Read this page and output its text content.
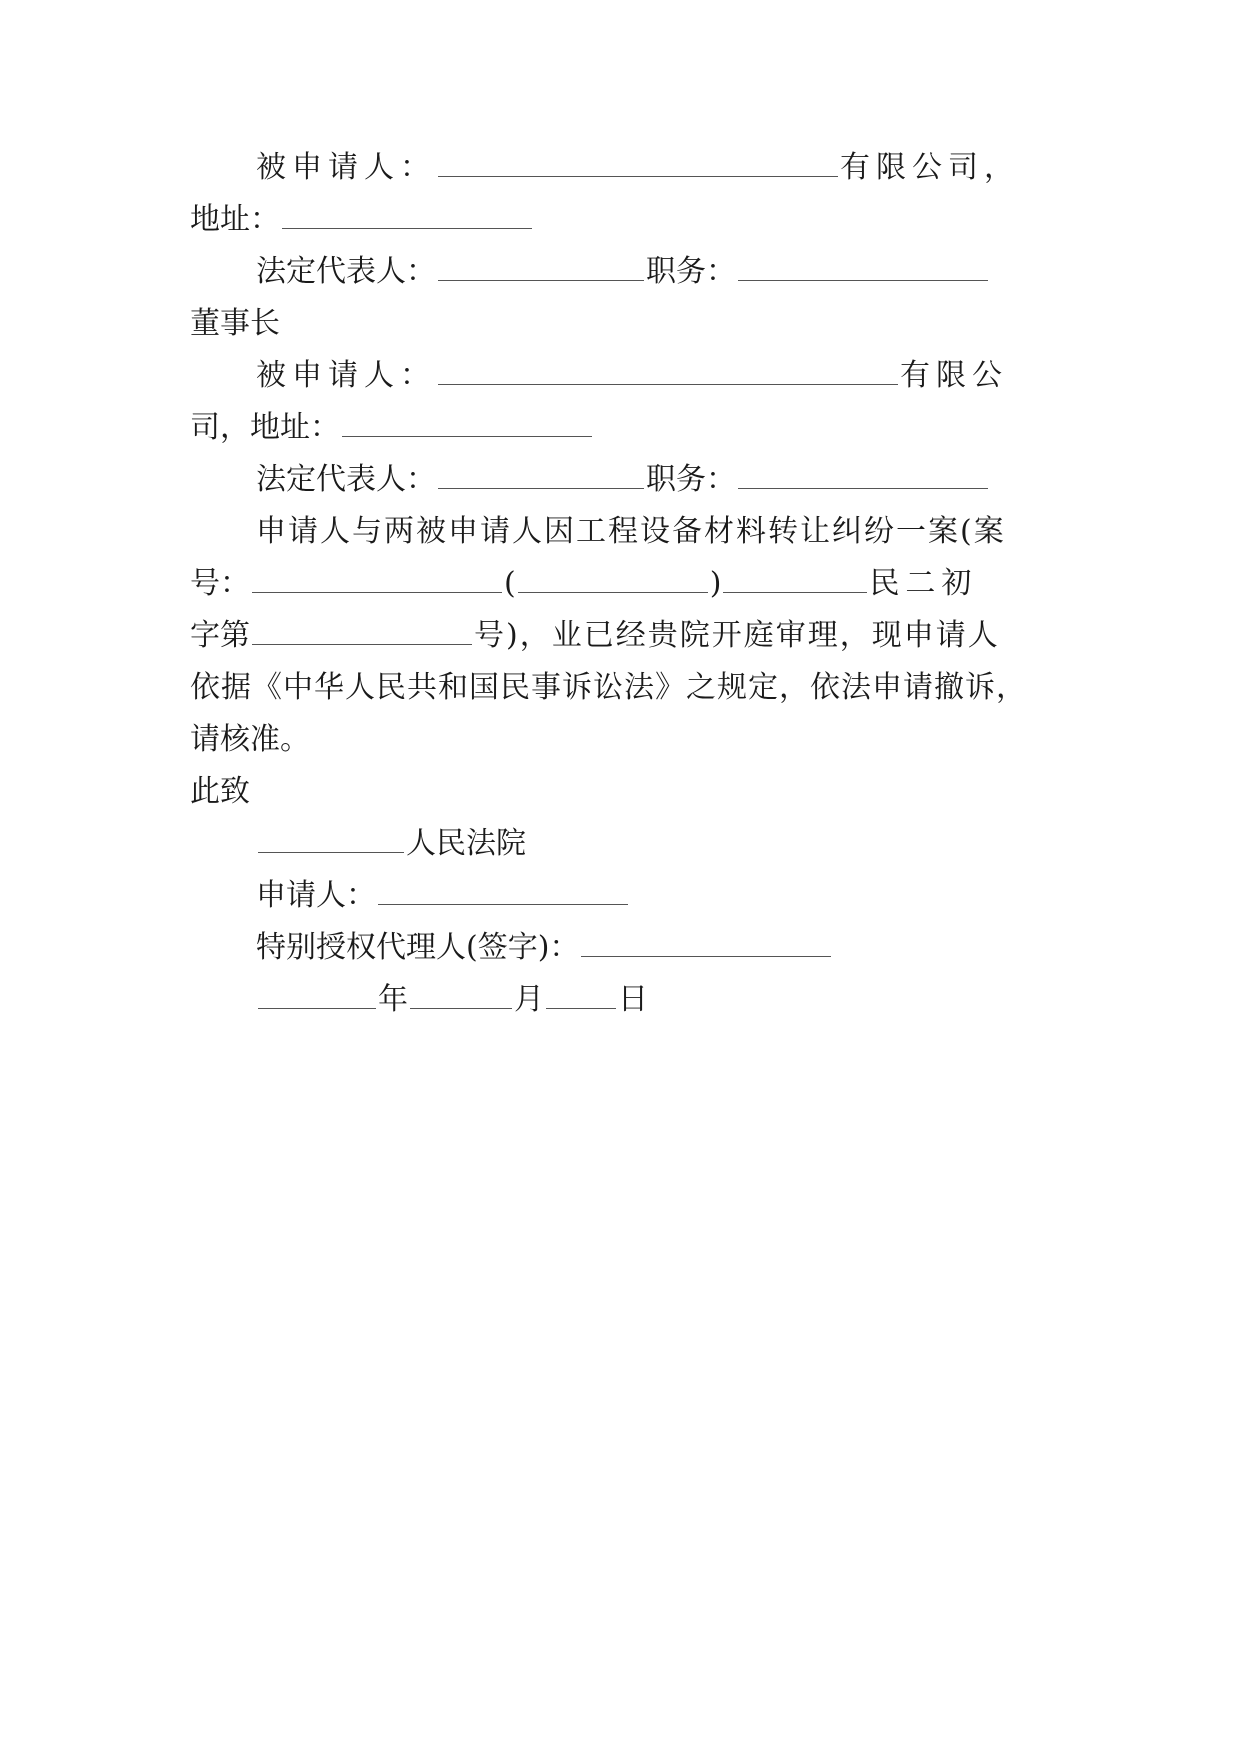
被申请人：	有限公司，
地址：
法定代表人：	职务：
董事长
被申请人：	有限公
司，地址：
法定代表人：	职务：
申请人与两被申请人因工程设备材料转让纠纷一案(案
号：	(	)	民二初
字第	号)，业已经贵院开庭审理，现申请人
依据《中华人民共和国民事诉讼法》之规定，依法申请撤诉，
请核准。
此致
人民法院
申请人：
特别授权代理人(签字)：
年	月 日
